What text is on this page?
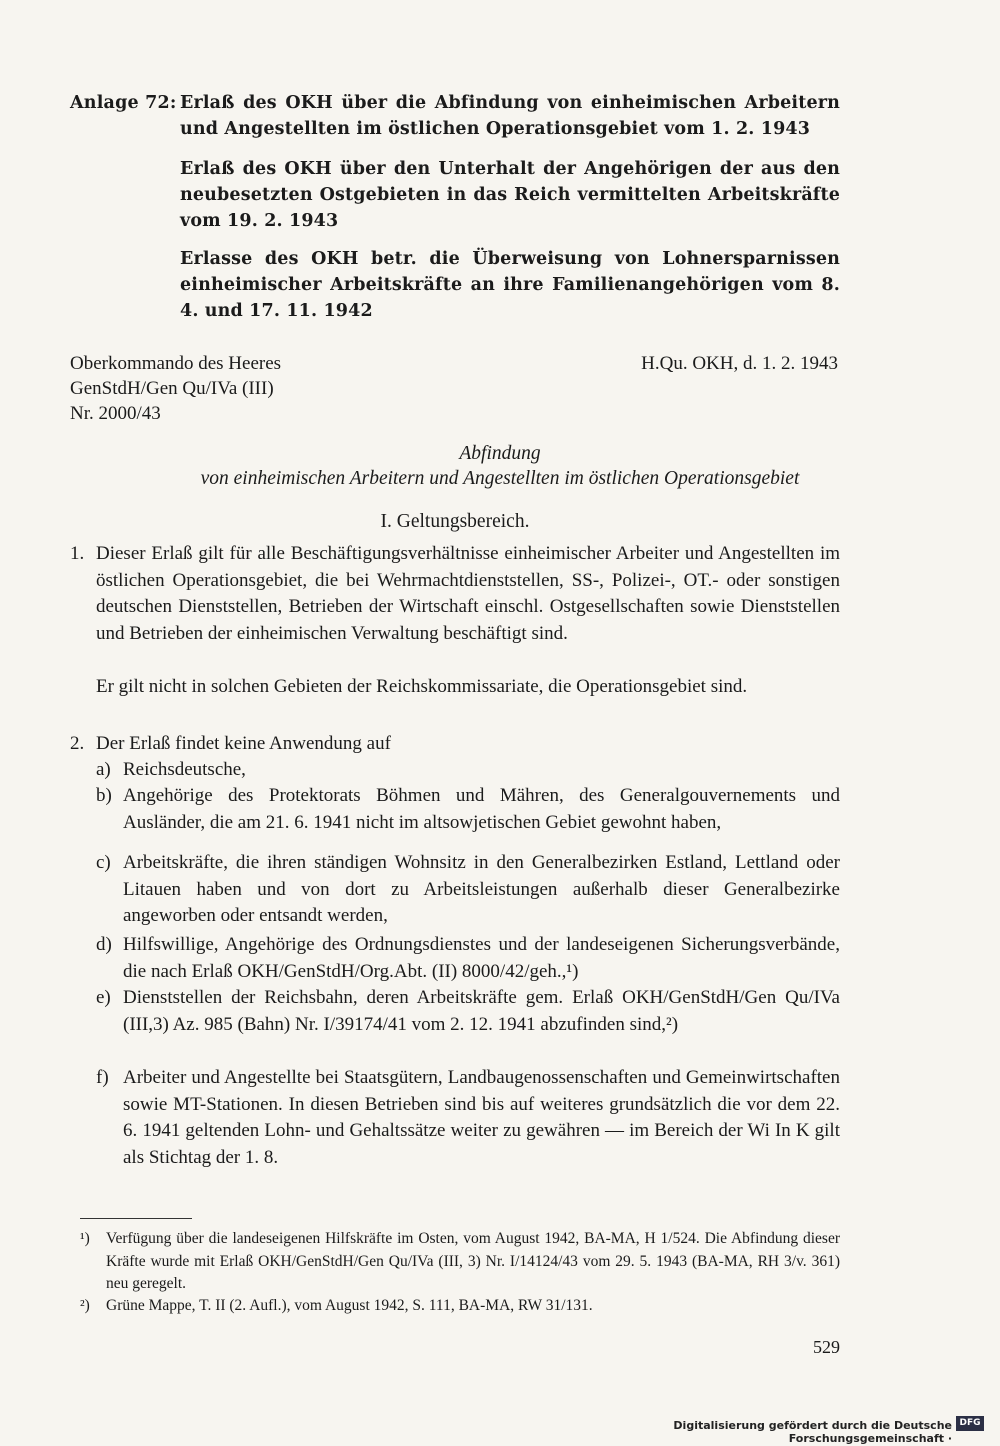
Anlage 72: Erlaß des OKH über die Abfindung von einheimischen Arbeitern und Angestellten im östlichen Operationsgebiet vom 1. 2. 1943
Erlaß des OKH über den Unterhalt der Angehörigen der aus den neubesetzten Ostgebieten in das Reich vermittelten Arbeitskräfte vom 19. 2. 1943
Erlasse des OKH betr. die Überweisung von Lohnersparnissen einheimischer Arbeitskräfte an ihre Familienangehörigen vom 8. 4. und 17. 11. 1942
Oberkommando des Heeres
GenStdH/Gen Qu/IVa (III)
Nr. 2000/43
H.Qu. OKH, d. 1. 2. 1943
Abfindung
von einheimischen Arbeitern und Angestellten im östlichen Operationsgebiet
I. Geltungsbereich.
1. Dieser Erlaß gilt für alle Beschäftigungsverhältnisse einheimischer Arbeiter und Angestellten im östlichen Operationsgebiet, die bei Wehrmachtdienststellen, SS-, Polizei-, OT.- oder sonstigen deutschen Dienststellen, Betrieben der Wirtschaft einschl. Ostgesellschaften sowie Dienststellen und Betrieben der einheimischen Verwaltung beschäftigt sind.
Er gilt nicht in solchen Gebieten der Reichskommissariate, die Operationsgebiet sind.
2. Der Erlaß findet keine Anwendung auf
a) Reichsdeutsche,
b) Angehörige des Protektorats Böhmen und Mähren, des Generalgouvernements und Ausländer, die am 21. 6. 1941 nicht im altsowjetischen Gebiet gewohnt haben,
c) Arbeitskräfte, die ihren ständigen Wohnsitz in den Generalbezirken Estland, Lettland oder Litauen haben und von dort zu Arbeitsleistungen außerhalb dieser Generalbezirke angeworben oder entsandt werden,
d) Hilfswillige, Angehörige des Ordnungsdienstes und der landeseigenen Sicherungsverbände, die nach Erlaß OKH/GenStdH/Org.Abt. (II) 8000/42/geh.,¹)
e) Dienststellen der Reichsbahn, deren Arbeitskräfte gem. Erlaß OKH/GenStdH/Gen Qu/IVa (III,3) Az. 985 (Bahn) Nr. I/39174/41 vom 2. 12. 1941 abzufinden sind,²)
f) Arbeiter und Angestellte bei Staatsgütern, Landbaugenossenschaften und Gemeinwirtschaften sowie MT-Stationen. In diesen Betrieben sind bis auf weiteres grundsätzlich die vor dem 22. 6. 1941 geltenden Lohn- und Gehaltssätze weiter zu gewähren — im Bereich der Wi In K gilt als Stichtag der 1. 8.
¹)	Verfügung über die landeseigenen Hilfskräfte im Osten, vom August 1942, BA-MA, H 1/524. Die Abfindung dieser Kräfte wurde mit Erlaß OKH/GenStdH/Gen Qu/IVa (III, 3) Nr. I/14124/43 vom 29. 5. 1943 (BA-MA, RH 3/v. 361) neu geregelt.
²)	Grüne Mappe, T. II (2. Aufl.), vom August 1942, S. 111, BA-MA, RW 31/131.
529
Digitalisierung gefördert durch die Deutsche Forschungsgemeinschaft ·
DFG
